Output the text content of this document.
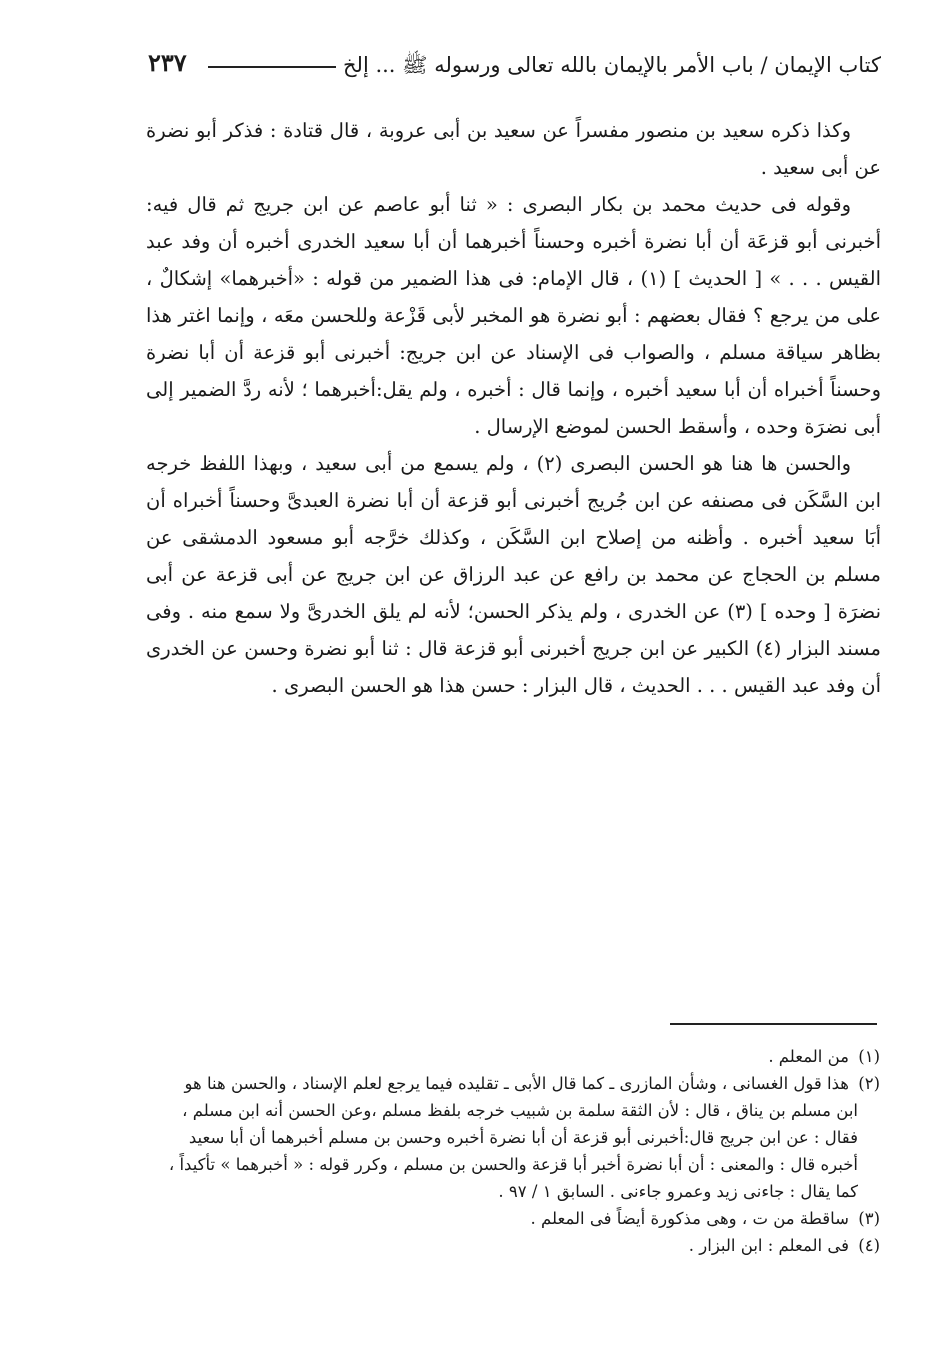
كتاب الإيمان / باب الأمر بالإيمان بالله تعالى ورسوله ﷺ ... إلخ
٢٣٧

وكذا ذكره سعيد بن منصور مفسراً عن سعيد بن أبى عروبة ، قال قتادة : فذكر أبو نضرة عن أبى سعيد .

وقوله فى حديث محمد بن بكار البصرى : « ثنا أبو عاصم عن ابن جريج ثم قال فيه: أخبرنى أبو قزعَة أن أبا نضرة أخبره وحسناً أخبرهما أن أبا سعيد الخدرى أخبره أن وفد عبد القيس . . . » [ الحديث ] (١) ، قال الإمام: فى هذا الضمير من قوله : «أخبرهما» إشكالٌ ، على من يرجع ؟ فقال بعضهم : أبو نضرة هو المخبر لأبى قَزْعة وللحسن معَه ، وإنما اغتر هذا بظاهر سياقة مسلم ، والصواب فى الإسناد عن ابن جريج: أخبرنى أبو قزعة أن أبا نضرة وحسناً أخبراه أن أبا سعيد أخبره ، وإنما قال : أخبره ، ولم يقل:أخبرهما ؛ لأنه ردَّ الضمير إلى أبى نضرَة وحده ، وأسقط الحسن لموضع الإرسال .

والحسن ها هنا هو الحسن البصرى (٢) ، ولم يسمع من أبى سعيد ، وبهذا اللفظ خرجه ابن السَّكَن فى مصنفه عن ابن جُريج أخبرنى أبو قزعة أن أبا نضرة العبدىَّ وحسناً أخبراه أن أبَا سعيد أخبره . وأظنه من إصلاح ابن السَّكَن ، وكذلك خرَّجه أبو مسعود الدمشقى عن مسلم بن الحجاج عن محمد بن رافع عن عبد الرزاق عن ابن جريج عن أبى قزعة عن أبى نضرَة [ وحده ] (٣) عن الخدرى ، ولم يذكر الحسن؛ لأنه لم يلق الخدرىَّ ولا سمع منه . وفى مسند البزار (٤) الكبير عن ابن جريج أخبرنى أبو قزعة قال : ثنا أبو نضرة وحسن عن الخدرى أن وفد عبد القيس . . . الحديث ، قال البزار : حسن هذا هو الحسن البصرى .

(١) من المعلم .

(٢) هذا قول الغسانى ، وشأن المازرى ـ كما قال الأبى ـ تقليده فيما يرجع لعلم الإسناد ، والحسن هنا هو

ابن مسلم بن يناق ، قال : لأن الثقة سلمة بن شبيب خرجه بلفظ مسلم ،وعن الحسن أنه ابن مسلم ،

فقال : عن ابن جريج قال:أخبرنى أبو قزعة أن أبا نضرة أخبره وحسن بن مسلم أخبرهما أن أبا سعيد

أخبره قال : والمعنى : أن أبا نضرة أخبر أبا قزعة والحسن بن مسلم ، وكرر قوله : « أخبرهما » تأكيداً ،

كما يقال : جاءنى زيد وعمرو جاءنى . السابق ١ / ٩٧ .

(٣) ساقطة من ت ، وهى مذكورة أيضاً فى المعلم .

(٤) فى المعلم : ابن البزار .
